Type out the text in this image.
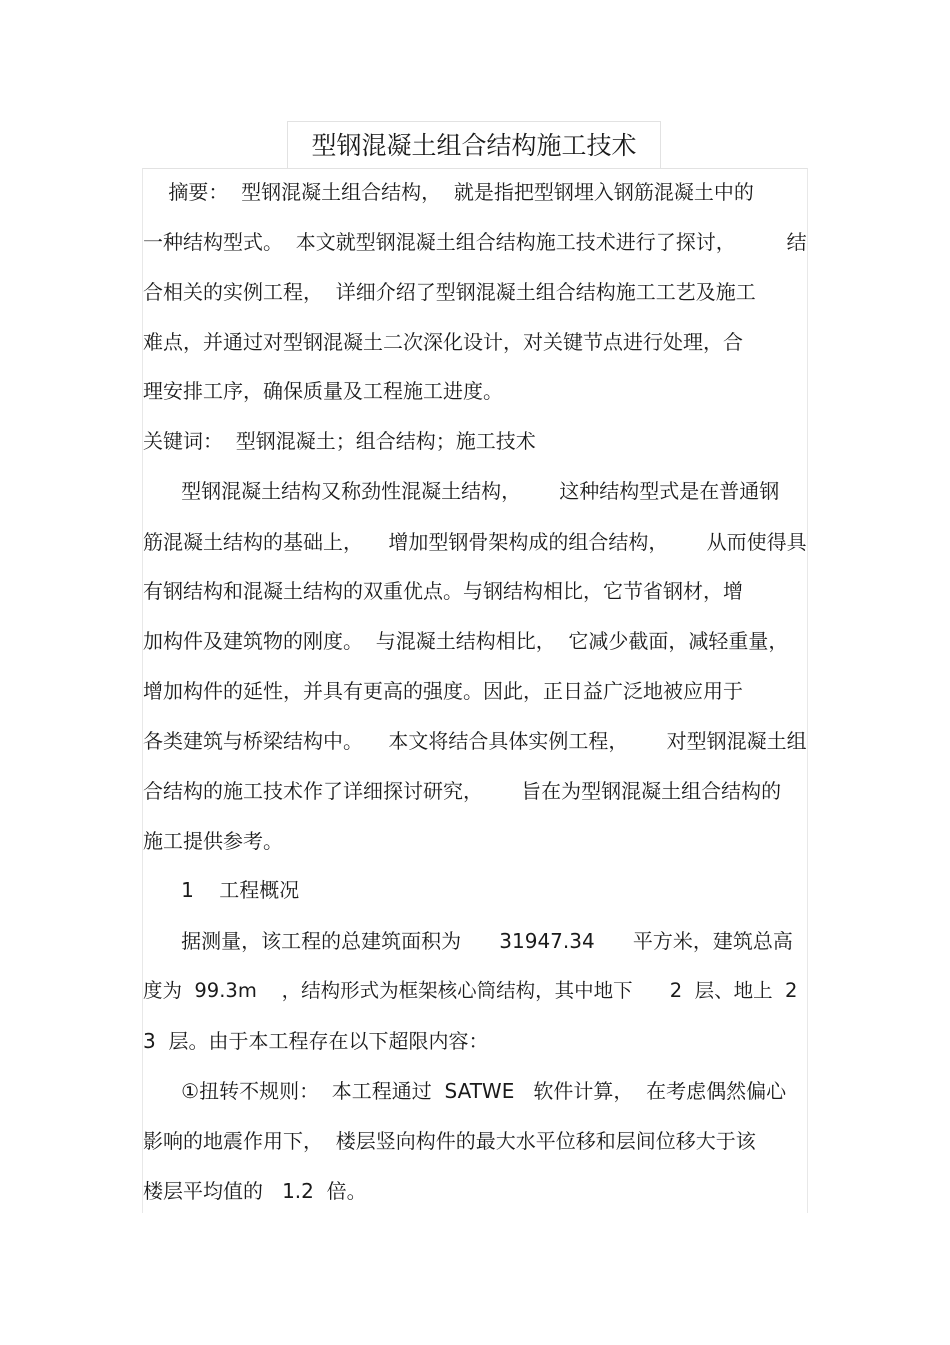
型钢混凝土组合结构施工技术
摘要：  型钢混凝土组合结构，  就是指把型钢埋入钢筋混凝土中的
一种结构型式。  本文就型钢混凝土组合结构施工技术进行了探讨，        结
合相关的实例工程，  详细介绍了型钢混凝土组合结构施工工艺及施工
难点，并通过对型钢混凝土二次深化设计，对关键节点进行处理，合
理安排工序，确保质量及工程施工进度。
关键词：  型钢混凝土；组合结构；施工技术
型钢混凝土结构又称劲性混凝土结构，      这种结构型式是在普通钢
筋混凝土结构的基础上，    增加型钢骨架构成的组合结构，      从而使得具
有钢结构和混凝土结构的双重优点。与钢结构相比，它节省钢材，增
加构件及建筑物的刚度。  与混凝土结构相比，  它减少截面，减轻重量，
增加构件的延性，并具有更高的强度。因此，正日益广泛地被应用于
各类建筑与桥梁结构中。    本文将结合具体实例工程，      对型钢混凝土组
合结构的施工技术作了详细探讨研究，      旨在为型钢混凝土组合结构的
施工提供参考。
1    工程概况
据测量，该工程的总建筑面积为      31947.34      平方米，建筑总高
度为  99.3m    ，结构形式为框架核心筒结构，其中地下      2  层、地上  2
3  层。由于本工程存在以下超限内容：
①扭转不规则：  本工程通过  SATWE   软件计算，  在考虑偶然偏心
影响的地震作用下，  楼层竖向构件的最大水平位移和层间位移大于该
楼层平均值的   1.2  倍。
